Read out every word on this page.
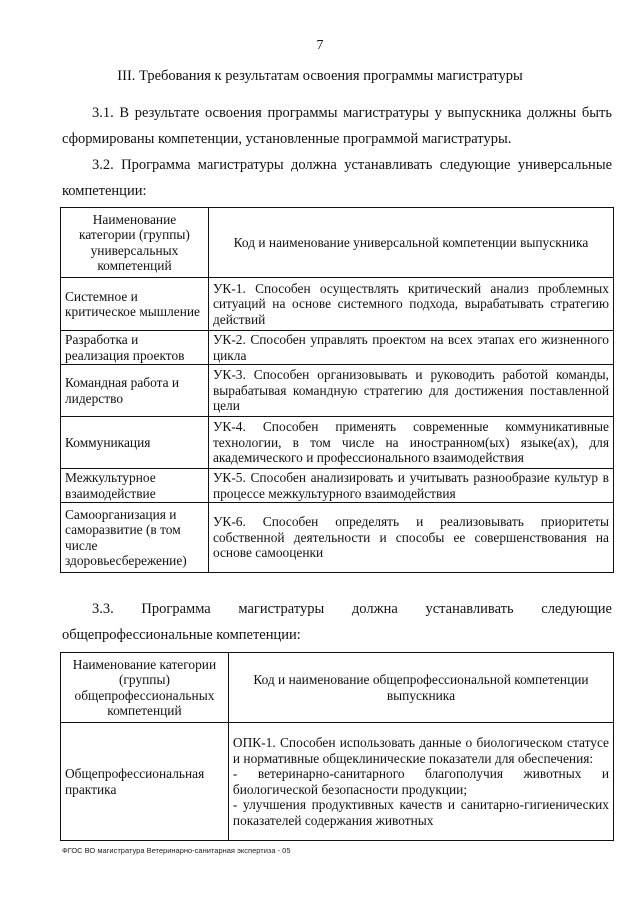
7
III. Требования к результатам освоения программы магистратуры
3.1. В результате освоения программы магистратуры у выпускника должны быть сформированы компетенции, установленные программой магистратуры.
3.2. Программа магистратуры должна устанавливать следующие универсальные компетенции:
Наименование категории (группы) универсальных компетенций	Код и наименование универсальной компетенции выпускника
Системное и критическое мышление	УК-1. Способен осуществлять критический анализ проблемных ситуаций на основе системного подхода, вырабатывать стратегию действий
Разработка и реализация проектов	УК-2. Способен управлять проектом на всех этапах его жизненного цикла
Командная работа и лидерство	УК-3. Способен организовывать и руководить работой команды, вырабатывая командную стратегию для достижения поставленной цели
Коммуникация	УК-4. Способен применять современные коммуникативные технологии, в том числе на иностранном(ых) языке(ах), для академического и профессионального взаимодействия
Межкультурное взаимодействие	УК-5. Способен анализировать и учитывать разнообразие культур в процессе межкультурного взаимодействия
Самоорганизация и саморазвитие (в том числе здоровьесбережение)	УК-6. Способен определять и реализовывать приоритеты собственной деятельности и способы ее совершенствования на основе самооценки
3.3. Программа магистратуры должна устанавливать следующие
общепрофессиональные компетенции:
Наименование категории (группы) общепрофессиональных компетенций	Код и наименование общепрофессиональной компетенции выпускника
Общепрофессиональная практика	ОПК-1. Способен использовать данные о биологическом статусе и нормативные общеклинические показатели для обеспечения:
- ветеринарно-санитарного благополучия животных и биологической безопасности продукции;
- улучшения продуктивных качеств и санитарно-гигиенических показателей содержания животных
ФГОС ВО магистратура Ветеринарно-санитарная экспертиза - 05
